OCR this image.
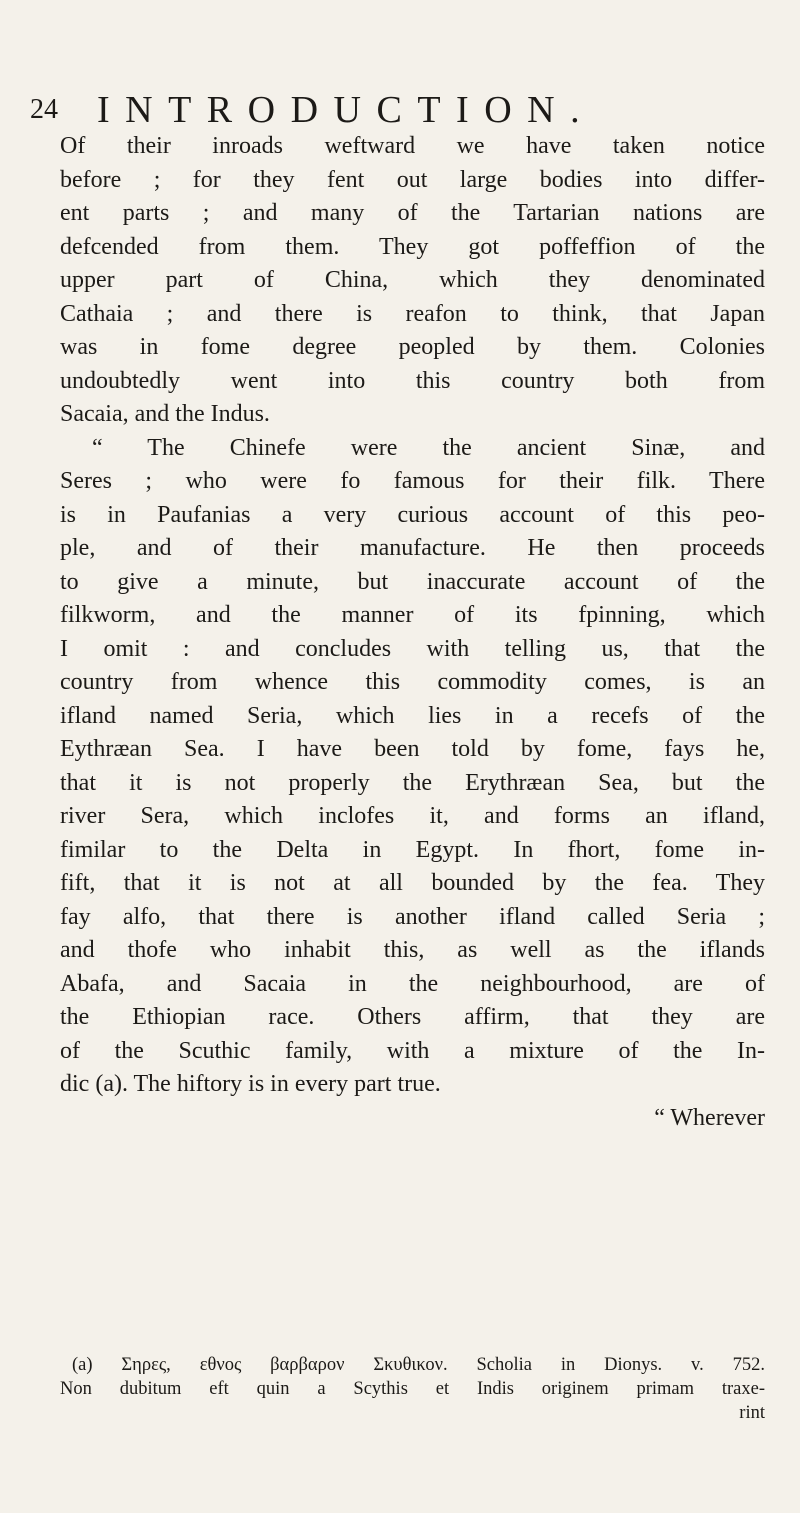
24 INTRODUCTION.
Of their inroads weftward we have taken notice
before ; for they fent out large bodies into differ-
ent parts ; and many of the Tartarian nations are
defcended from them. They got poffeffion of the
upper part of China, which they denominated
Cathaia ; and there is reafon to think, that Japan
was in fome degree peopled by them. Colonies
undoubtedly went into this country both from
Sacaia, and the Indus.
“ The Chinefe were the ancient Sinæ, and
Seres ; who were fo famous for their filk. There
is in Paufanias a very curious account of this peo-
ple, and of their manufacture. He then proceeds
to give a minute, but inaccurate account of the
filkworm, and the manner of its fpinning, which
I omit : and concludes with telling us, that the
country from whence this commodity comes, is an
ifland named Seria, which lies in a recefs of the
Eythræan Sea. I have been told by fome, fays he,
that it is not properly the Erythræan Sea, but the
river Sera, which inclofes it, and forms an ifland,
fimilar to the Delta in Egypt. In fhort, fome in-
fift, that it is not at all bounded by the fea. They
fay alfo, that there is another ifland called Seria ;
and thofe who inhabit this, as well as the iflands
Abafa, and Sacaia in the neighbourhood, are of
the Ethiopian race. Others affirm, that they are
of the Scuthic family, with a mixture of the In-
dic (a). The hiftory is in every part true.
“ Wherever
(a) Σηρες, εθνος βαρβαρον Σκυθικον. Scholia in Dionys. v. 752.
Non dubitum eft quin a Scythis et Indis originem primam traxe-
rint
